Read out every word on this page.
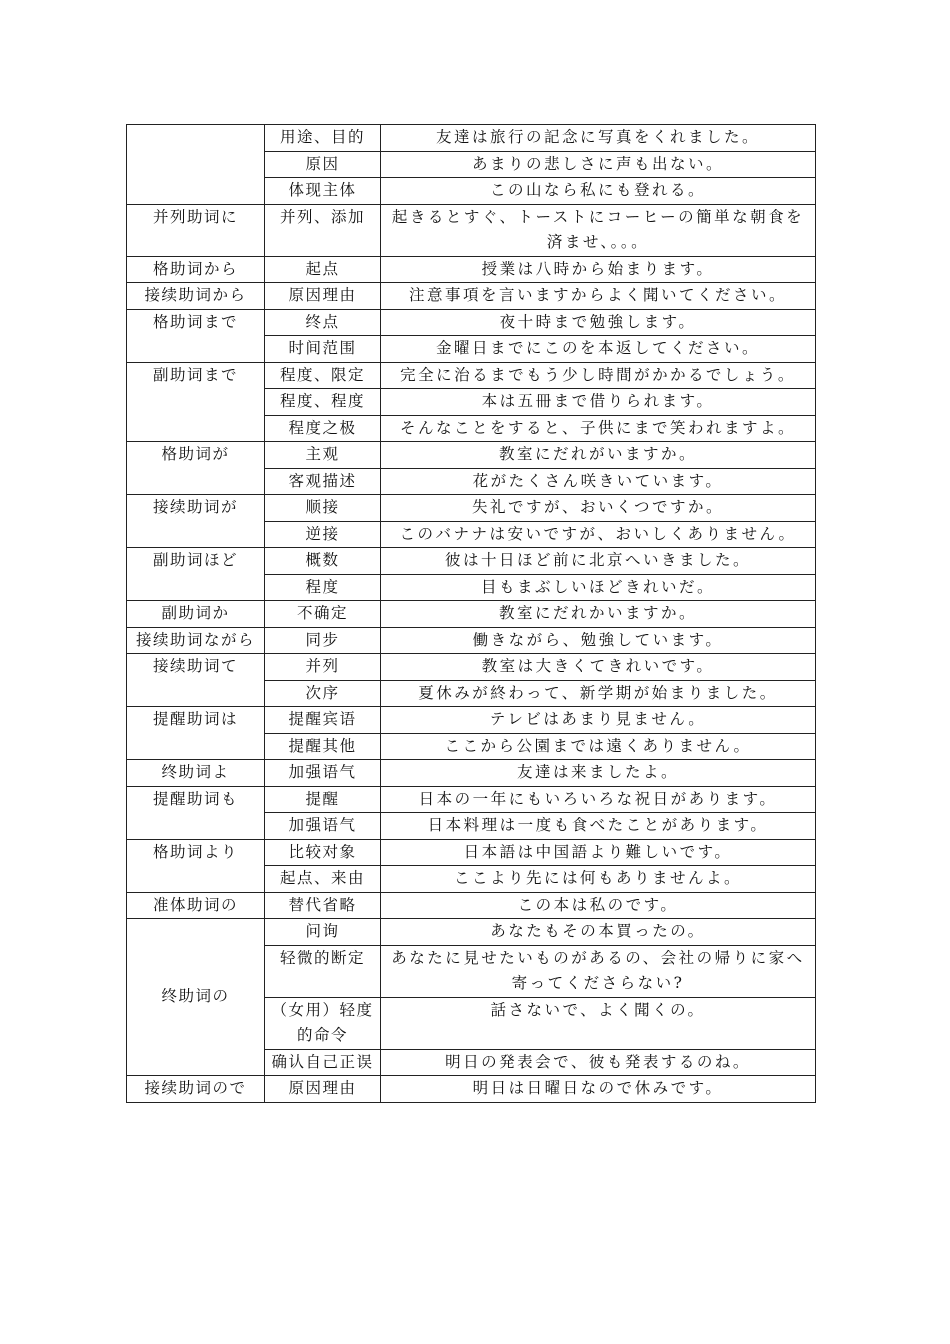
	用途、目的	友達は旅行の記念に写真をくれました。
	原因	あまりの悲しさに声も出ない。
	体现主体	この山なら私にも登れる。
并列助词に	并列、添加	起きるとすぐ、トーストにコーヒーの簡単な朝食を済ませ、。。。
格助词から	起点	授業は八時から始まります。
接续助词から	原因理由	注意事項を言いますからよく聞いてください。
格助词まで	终点	夜十時まで勉強します。
	时间范围	金曜日までにこのを本返してください。
副助词まで	程度、限定	完全に治るまでもう少し時間がかかるでしょう。
	程度、程度	本は五冊まで借りられます。
	程度之极	そんなことをすると、子供にまで笑われますよ。
格助词が	主观	教室にだれがいますか。
	客观描述	花がたくさん咲きいています。
接续助词が	顺接	失礼ですが、おいくつですか。
	逆接	このバナナは安いですが、おいしくありません。
副助词ほど	概数	彼は十日ほど前に北京へいきました。
	程度	目もまぶしいほどきれいだ。
副助词か	不确定	教室にだれかいますか。
接续助词ながら	同步	働きながら、勉強しています。
接续助词て	并列	教室は大きくてきれいです。
	次序	夏休みが終わって、新学期が始まりました。
提醒助词は	提醒宾语	テレビはあまり見ません。
	提醒其他	ここから公園までは遠くありません。
终助词よ	加强语气	友達は来ましたよ。
提醒助词も	提醒	日本の一年にもいろいろな祝日があります。
	加强语气	日本料理は一度も食べたことがあります。
格助词より	比较对象	日本語は中国語より難しいです。
	起点、来由	ここより先には何もありませんよ。
准体助词の	替代省略	この本は私のです。
终助词の	问询	あなたもその本買ったの。
	轻微的断定	あなたに見せたいものがあるの、会社の帰りに家へ寄ってくださらない?
	（女用）轻度的命令	話さないで、よく聞くの。
	确认自己正误	明日の発表会で、彼も発表するのね。
接续助词ので	原因理由	明日は日曜日なので休みです。
